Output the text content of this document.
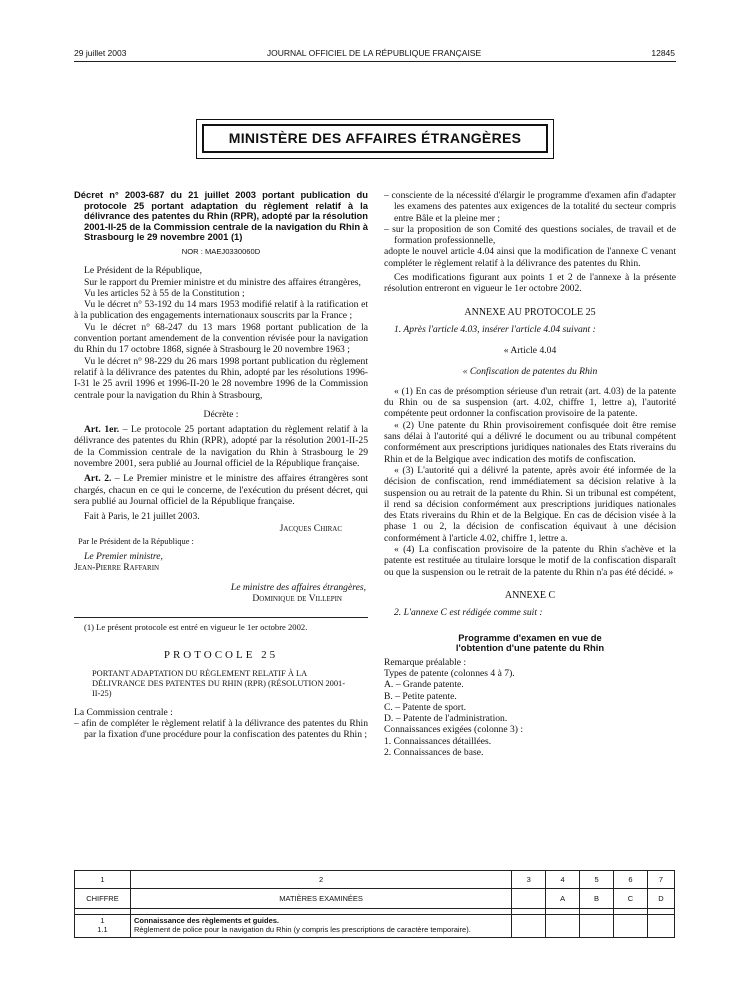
29 juillet 2003	JOURNAL OFFICIEL DE LA RÉPUBLIQUE FRANÇAISE	12845
MINISTÈRE DES AFFAIRES ÉTRANGÈRES

Décret n° 2003-687 du 21 juillet 2003 portant publication du protocole 25 portant adaptation du règlement relatif à la délivrance des patentes du Rhin (RPR), adopté par la résolution 2001-II-25 de la Commission centrale de la navigation du Rhin à Strasbourg le 29 novembre 2001 (1)

NOR : MAEJ0330060D

Le Président de la République,

Sur le rapport du Premier ministre et du ministre des affaires étrangères,

Vu les articles 52 à 55 de la Constitution ;

Vu le décret n° 53-192 du 14 mars 1953 modifié relatif à la ratification et à la publication des engagements internationaux souscrits par la France ;

Vu le décret n° 68-247 du 13 mars 1968 portant publication de la convention portant amendement de la convention révisée pour la navigation du Rhin du 17 octobre 1868, signée à Strasbourg le 20 novembre 1963 ;

Vu le décret n° 98-229 du 26 mars 1998 portant publication du règlement relatif à la délivrance des patentes du Rhin, adopté par les résolutions 1996-I-31 le 25 avril 1996 et 1996-II-20 le 28 novembre 1996 de la Commission centrale pour la navigation du Rhin à Strasbourg,

Décrète :

Art. 1er. – Le protocole 25 portant adaptation du règlement relatif à la délivrance des patentes du Rhin (RPR), adopté par la résolution 2001-II-25 de la Commission centrale de la navigation du Rhin à Strasbourg le 29 novembre 2001, sera publié au Journal officiel de la République française.

Art. 2. – Le Premier ministre et le ministre des affaires étrangères sont chargés, chacun en ce qui le concerne, de l'exécution du présent décret, qui sera publié au Journal officiel de la République française.

Fait à Paris, le 21 juillet 2003.

Jacques Chirac

Par le Président de la République :

Le Premier ministre,

Jean-Pierre Raffarin

Le ministre des affaires étrangères,

Dominique de Villepin

(1) Le présent protocole est entré en vigueur le 1er octobre 2002.

PROTOCOLE 25

PORTANT ADAPTATION DU RÈGLEMENT RELATIF À LA DÉLIVRANCE DES PATENTES DU RHIN (RPR) (RÉSOLUTION 2001-II-25)

La Commission centrale :

– afin de compléter le règlement relatif à la délivrance des patentes du Rhin par la fixation d'une procédure pour la confiscation des patentes du Rhin ;

– consciente de la nécessité d'élargir le programme d'examen afin d'adapter les examens des patentes aux exigences de la totalité du secteur compris entre Bâle et la pleine mer ;

– sur la proposition de son Comité des questions sociales, de travail et de formation professionnelle,

adopte le nouvel article 4.04 ainsi que la modification de l'annexe C venant compléter le règlement relatif à la délivrance des patentes du Rhin.

Ces modifications figurant aux points 1 et 2 de l'annexe à la présente résolution entreront en vigueur le 1er octobre 2002.

ANNEXE AU PROTOCOLE 25

1. Après l'article 4.03, insérer l'article 4.04 suivant :

« Article 4.04

« Confiscation de patentes du Rhin

« (1) En cas de présomption sérieuse d'un retrait (art. 4.03) de la patente du Rhin ou de sa suspension (art. 4.02, chiffre 1, lettre a), l'autorité compétente peut ordonner la confiscation provisoire de la patente.

« (2) Une patente du Rhin provisoirement confisquée doit être remise sans délai à l'autorité qui a délivré le document ou au tribunal compétent conformément aux prescriptions juridiques nationales des Etats riverains du Rhin et de la Belgique avec indication des motifs de confiscation.

« (3) L'autorité qui a délivré la patente, après avoir été informée de la décision de confiscation, rend immédiatement sa décision relative à la suspension ou au retrait de la patente du Rhin. Si un tribunal est compétent, il rend sa décision conformément aux prescriptions juridiques nationales des Etats riverains du Rhin et de la Belgique. En cas de décision visée à la phase 1 ou 2, la décision de confiscation équivaut à une décision conformément à l'article 4.02, chiffre 1, lettre a.

« (4) La confiscation provisoire de la patente du Rhin s'achève et la patente est restituée au titulaire lorsque le motif de la confiscation disparaît ou que la suspension ou le retrait de la patente du Rhin n'a pas été décidé. »

ANNEXE C

2. L'annexe C est rédigée comme suit :

Programme d'examen en vue de l'obtention d'une patente du Rhin

Remarque préalable :

Types de patente (colonnes 4 à 7).

A. – Grande patente.

B. – Petite patente.

C. – Patente de sport.

D. – Patente de l'administration.

Connaissances exigées (colonne 3) :

1. Connaissances détaillées.

2. Connaissances de base.

1	2	3	4	5	6	7
CHIFFRE	MATIÈRES EXAMINÉES		A	B	C	D

1	Connaissance des règlements et guides.					
1.1	Règlement de police pour la navigation du Rhin (y compris les prescriptions de caractère temporaire).					
